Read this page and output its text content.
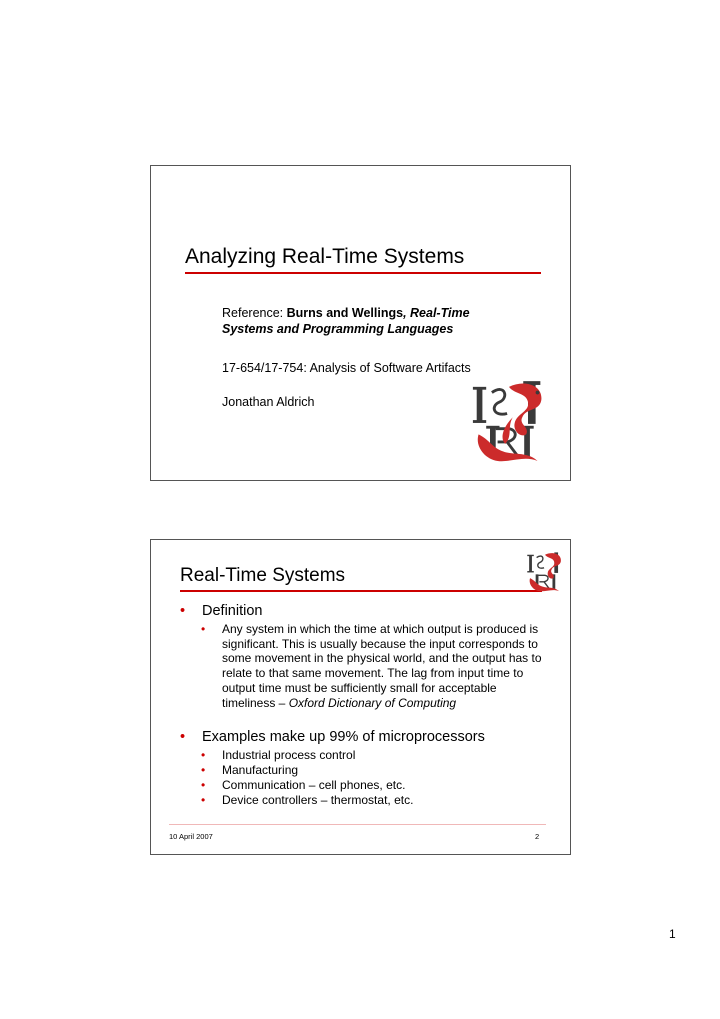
Analyzing Real-Time Systems
Reference: Burns and Wellings, Real-Time
Systems and Programming Languages
17-654/17-754: Analysis of Software Artifacts
Jonathan Aldrich
Real-Time Systems
• Definition
• Any system in which the time at which output is produced is significant. This is usually because the input corresponds to some movement in the physical world, and the output has to relate to that same movement. The lag from input time to output time must be sufficiently small for acceptable timeliness – Oxford Dictionary of Computing
• Examples make up 99% of microprocessors
• Industrial process control
• Manufacturing
• Communication – cell phones, etc.
• Device controllers – thermostat, etc.
10 April 2007	2
1
